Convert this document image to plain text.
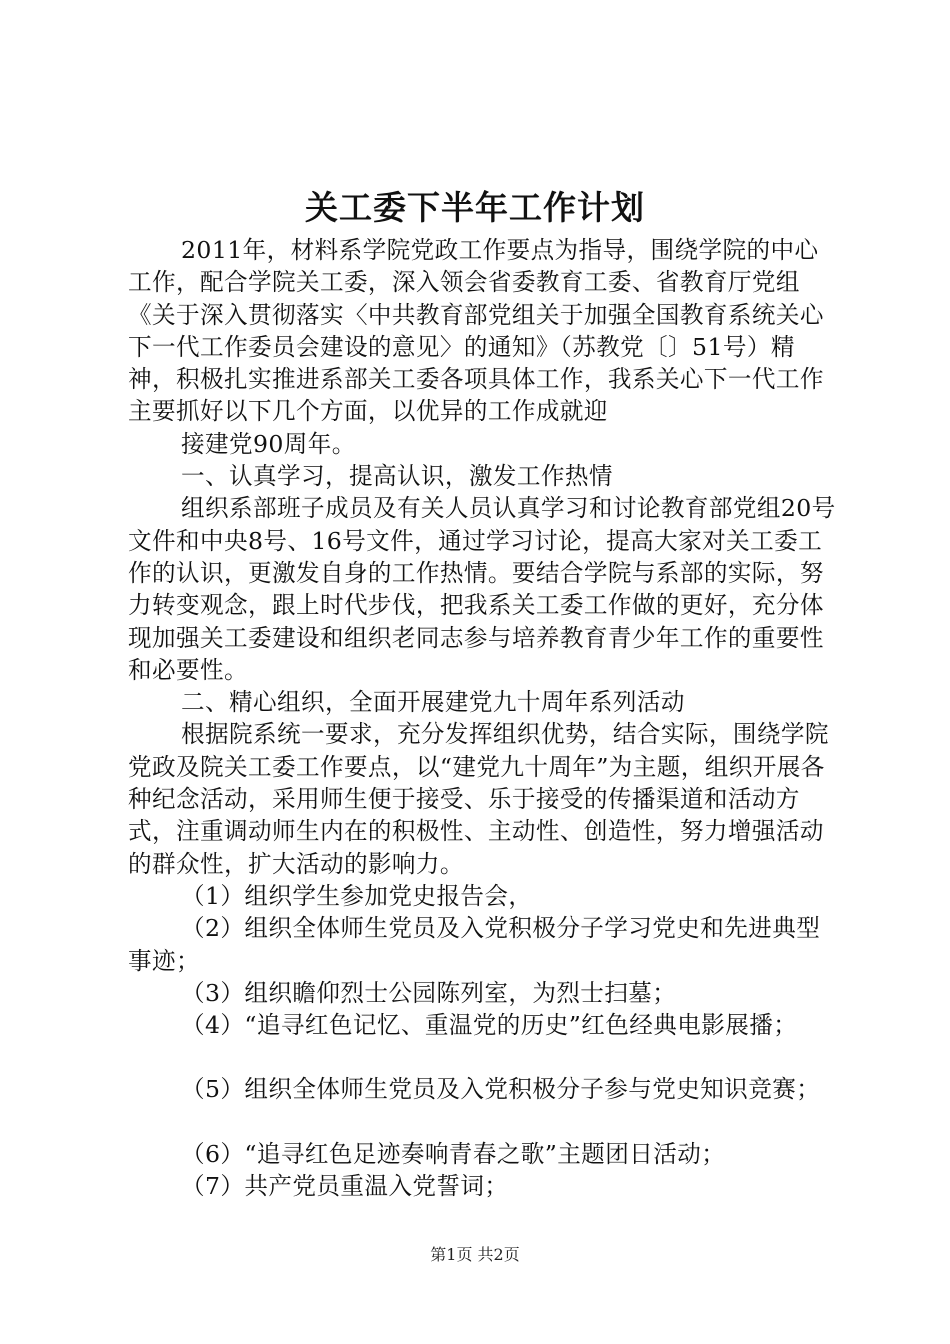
关工委下半年工作计划

2011年，材料系学院党政工作要点为指导，围绕学院的中心工作，配合学院关工委，深入领会省委教育工委、省教育厅党组《关于深入贯彻落实〈中共教育部党组关于加强全国教育系统关心下一代工作委员会建设的意见〉的通知》（苏教党〔〕51号）精神，积极扎实推进系部关工委各项具体工作，我系关心下一代工作主要抓好以下几个方面，以优异的工作成就迎

接建党90周年。

一、认真学习，提高认识，激发工作热情

组织系部班子成员及有关人员认真学习和讨论教育部党组20号文件和中央8号、16号文件，通过学习讨论，提高大家对关工委工作的认识，更激发自身的工作热情。要结合学院与系部的实际，努力转变观念，跟上时代步伐，把我系关工委工作做的更好，充分体现加强关工委建设和组织老同志参与培养教育青少年工作的重要性和必要性。

二、精心组织，全面开展建党九十周年系列活动

根据院系统一要求，充分发挥组织优势，结合实际，围绕学院党政及院关工委工作要点，以“建党九十周年”为主题，组织开展各种纪念活动，采用师生便于接受、乐于接受的传播渠道和活动方式，注重调动师生内在的积极性、主动性、创造性，努力增强活动的群众性，扩大活动的影响力。

（1）组织学生参加党史报告会，

（2）组织全体师生党员及入党积极分子学习党史和先进典型事迹；

（3）组织瞻仰烈士公园陈列室，为烈士扫墓；

（4）“追寻红色记忆、重温党的历史”红色经典电影展播；

（5）组织全体师生党员及入党积极分子参与党史知识竞赛；

（6）“追寻红色足迹奏响青春之歌”主题团日活动；

（7）共产党员重温入党誓词；

第1页 共2页
